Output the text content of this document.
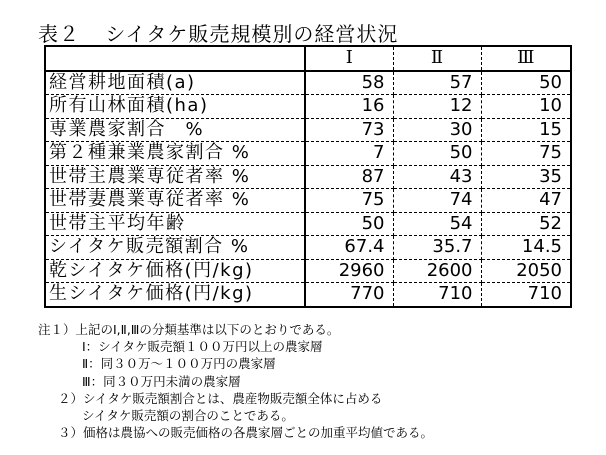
表２ シイタケ販売規模別の経営状況
	Ⅰ	Ⅱ	Ⅲ
経営耕地面積(a)	58	57	50
所有山林面積(ha)	16	12	10
専業農家割合　%	73	30	15
第２種兼業農家割合 %	7	50	75
世帯主農業専従者率 %	87	43	35
世帯妻農業専従者率 %	75	74	47
世帯主平均年齢	50	54	52
シイタケ販売額割合 %	67.4	35.7	14.5
乾シイタケ価格(円/kg)	2960	2600	2050
生シイタケ価格(円/kg)	770	710	710
注１）上記のⅠ,Ⅱ,Ⅲの分類基準は以下のとおりである。
Ⅰ：シイタケ販売額１００万円以上の農家層
Ⅱ：同３０万～１００万円の農家層
Ⅲ：同３０万円未満の農家層
２）シイタケ販売額割合とは、農産物販売額全体に占める
シイタケ販売額の割合のことである。
３）価格は農協への販売価格の各農家層ごとの加重平均値である。
